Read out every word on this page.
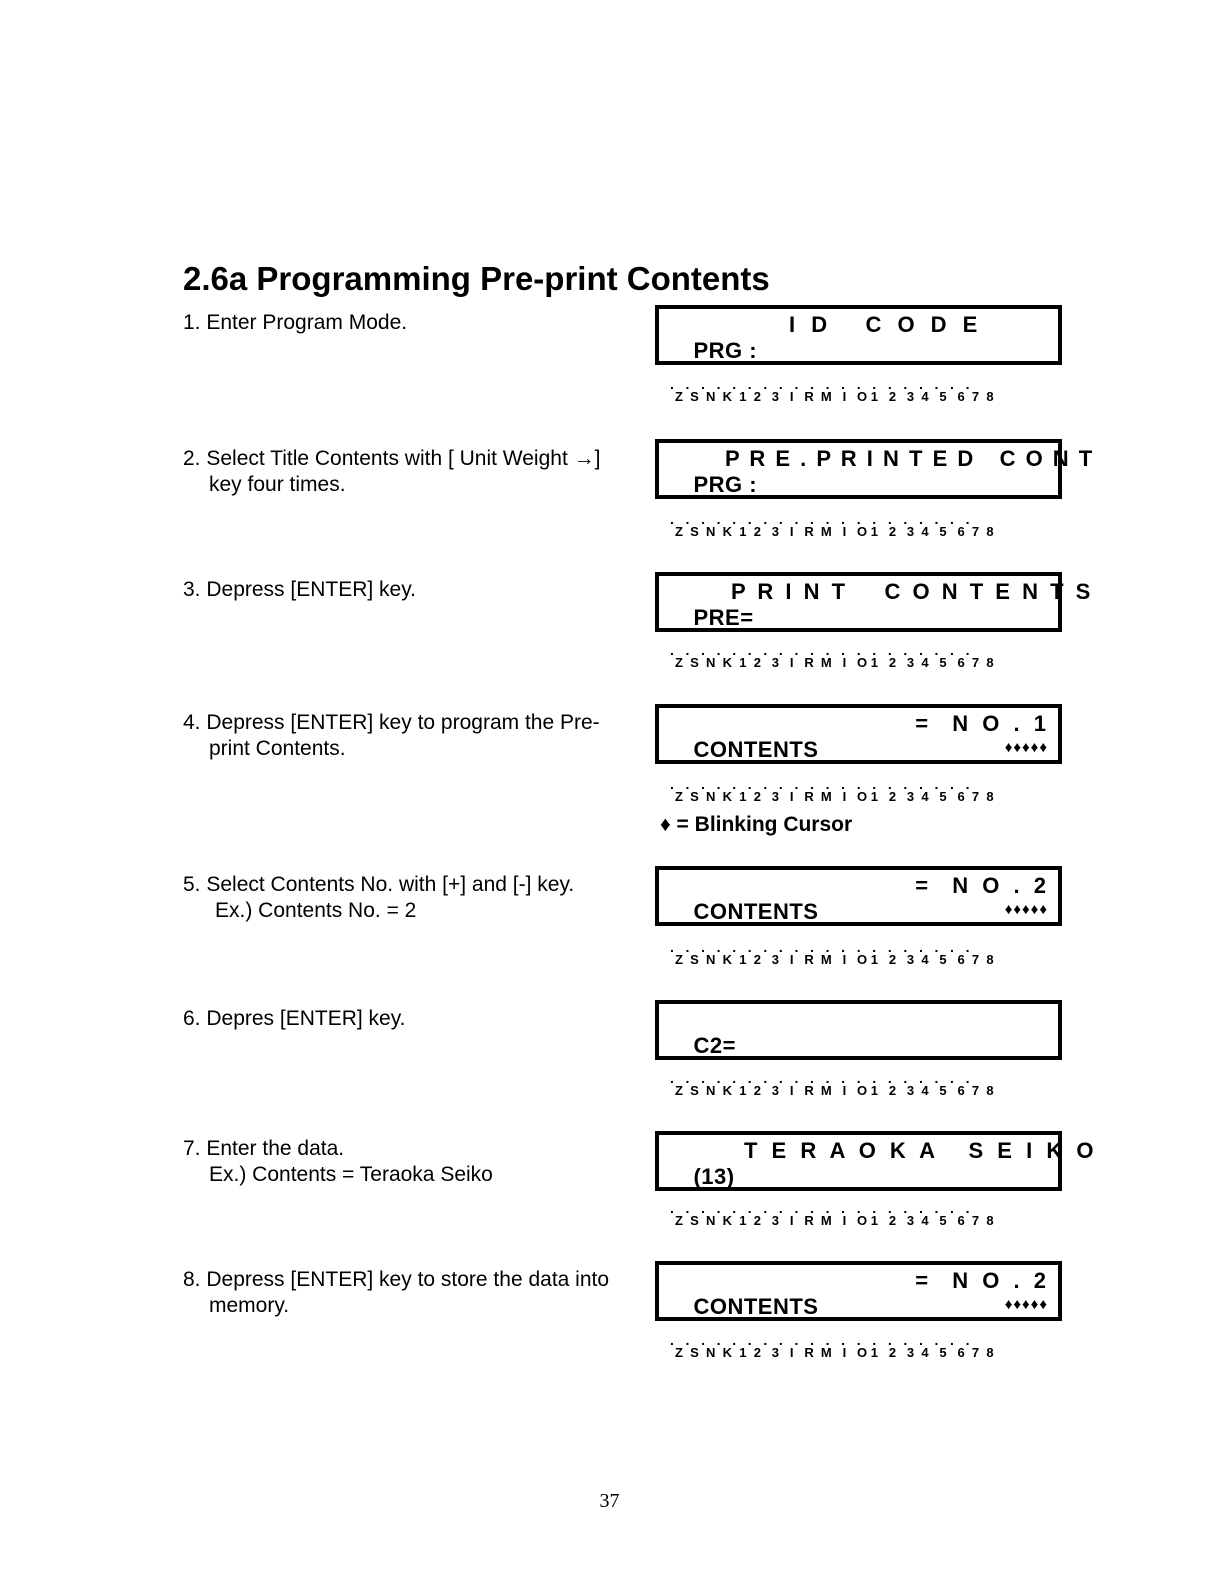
2.6a Programming Pre-print Contents
1. Enter Program Mode.

PRG :

I D   C O D E

.   .   .   .   .   .   .   .   .   .   .   .   .   .   .   .   .   .   .   .
Z  S  N  K  1  2   3   I   R  M   I   O 1   2   3  4   5   6  7  8
2. Select Title Contents with [ Unit Weight →]
key four times.	PRG :

P R E . P R I N T E D   C O N T

.   .   .   .   .   .   .   .   .   .   .   .   .   .   .   .   .   .   .   .
Z  S  N  K  1  2   3   I   R  M   I   O 1   2   3  4   5   6  7  8
3. Depress [ENTER] key.

PRE=

P R I N T    C O N T E N T S

.   .   .   .   .   .   .   .   .   .   .   .   .   .   .   .   .   .   .   .
Z  S  N  K  1  2   3   I   R  M   I   O 1   2   3  4   5   6  7  8
4. Depress [ENTER] key to program the Pre-
print Contents.	CONTENTS

=  N O . 1

♦♦♦♦♦
.   .   .   .   .   .   .   .   .   .   .   .   .   .   .   .   .   .   .   .
Z  S  N  K  1  2   3   I   R  M   I   O 1   2   3  4   5   6  7  8
♦ = Blinking Cursor
5. Select Contents No. with [+] and [-] key.
Ex.) Contents No. = 2	CONTENTS

=  N O . 2

♦♦♦♦♦
.   .   .   .   .   .   .   .   .   .   .   .   .   .   .   .   .   .   .   .
Z  S  N  K  1  2   3   I   R  M   I   O 1   2   3  4   5   6  7  8
6. Depres [ENTER] key.

C2=

.   .   .   .   .   .   .   .   .   .   .   .   .   .   .   .   .   .   .   .
Z  S  N  K  1  2   3   I   R  M   I   O 1   2   3  4   5   6  7  8
7. Enter the data.
Ex.) Contents = Teraoka Seiko	(13)

T E R A O K A   S E I K O

.   .   .   .   .   .   .   .   .   .   .   .   .   .   .   .   .   .   .   .
Z  S  N  K  1  2   3   I   R  M   I   O 1   2   3  4   5   6  7  8
8. Depress [ENTER] key to store the data into
memory.	CONTENTS

=  N O . 2

♦♦♦♦♦
.   .   .   .   .   .   .   .   .   .   .   .   .   .   .   .   .   .   .   .
Z  S  N  K  1  2   3   I   R  M   I   O 1   2   3  4   5   6  7  8
37
